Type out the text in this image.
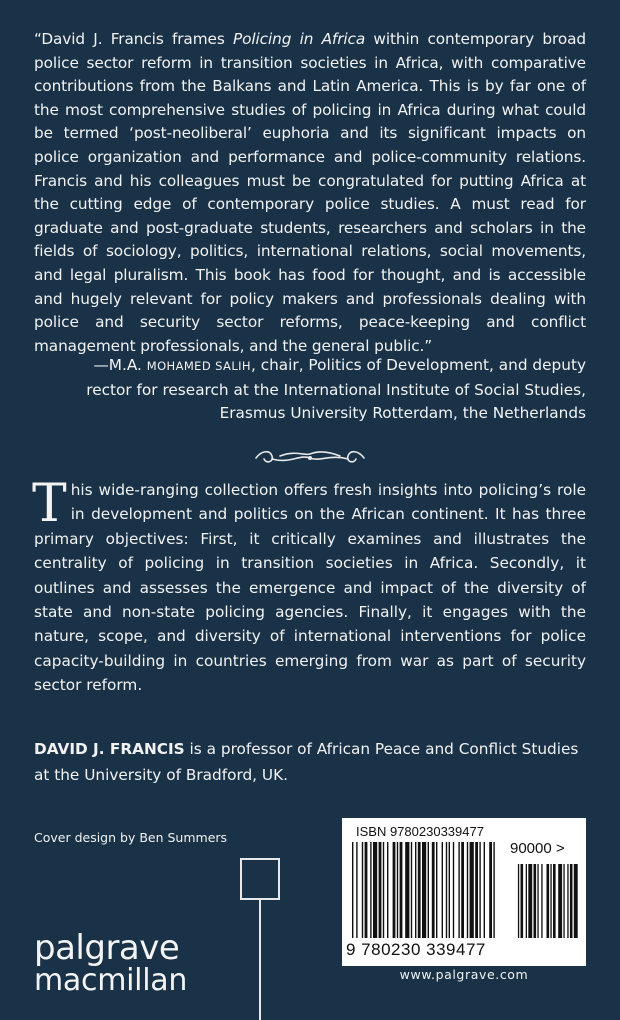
“David J. Francis frames Policing in Africa within contemporary broad police sector reform in transition societies in Africa, with comparative contributions from the Balkans and Latin America. This is by far one of the most comprehensive studies of policing in Africa during what could be termed ‘post-neoliberal’ euphoria and its significant impacts on police organization and performance and police-community relations. Francis and his colleagues must be congratulated for putting Africa at the cutting edge of contemporary police studies. A must read for graduate and post-graduate students, researchers and scholars in the fields of sociology, politics, international relations, social movements, and legal pluralism. This book has food for thought, and is accessible and hugely relevant for policy makers and professionals dealing with police and security sector reforms, peace-keeping and conflict management professionals, and the general public.”

—M.A. MOHAMED SALIH, chair, Politics of Development, and deputy
rector for research at the International Institute of Social Studies,
Erasmus University Rotterdam, the Netherlands

This wide-ranging collection offers fresh insights into policing’s role in development and politics on the African continent. It has three primary objectives: First, it critically examines and illustrates the centrality of policing in transition societies in Africa. Secondly, it outlines and assesses the emergence and impact of the diversity of state and non-state policing agencies. Finally, it engages with the nature, scope, and diversity of international interventions for police capacity-building in countries emerging from war as part of security sector reform.

DAVID J. FRANCIS is a professor of African Peace and Conflict Studies at the University of Bradford, UK.
Cover design by Ben Summers
palgrave
macmillan
ISBN 9780230339477
90000 >
9 780230 339477
www.palgrave.com
